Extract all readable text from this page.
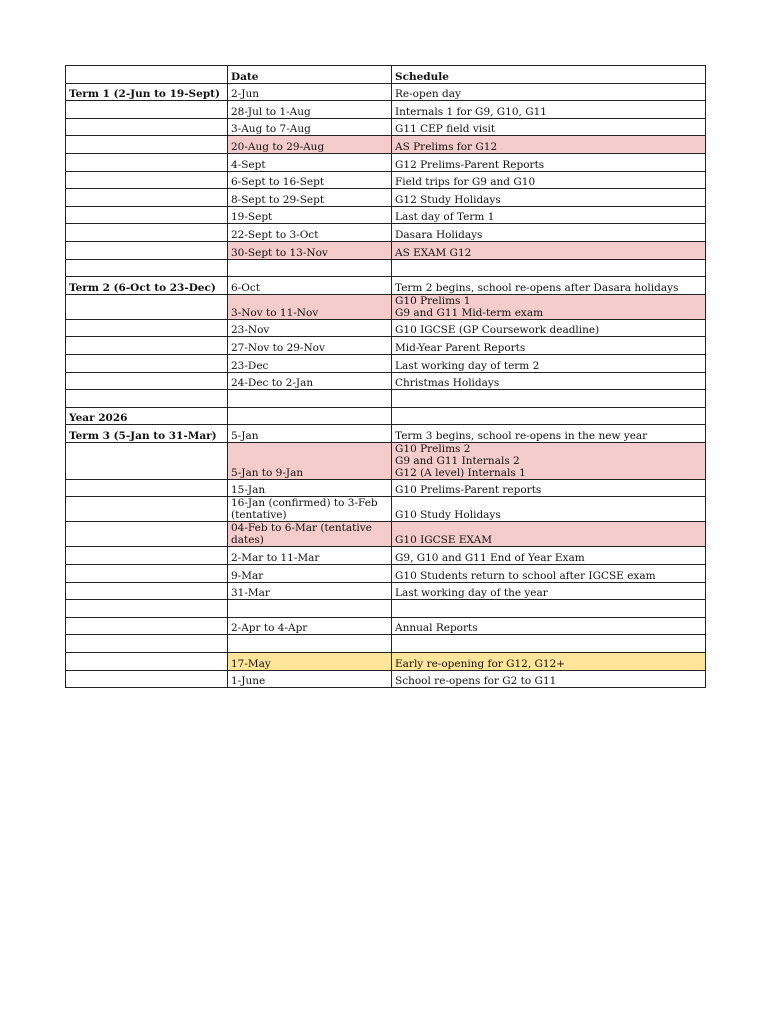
	Date	Schedule
Term 1 (2-Jun to 19-Sept)	2-Jun	Re-open day
	28-Jul to 1-Aug	Internals 1 for G9, G10, G11
	3-Aug to 7-Aug	G11 CEP field visit
	20-Aug to 29-Aug	AS Prelims for G12
	4-Sept	G12 Prelims-Parent Reports
	6-Sept to 16-Sept	Field trips for G9 and G10
	8-Sept to 29-Sept	G12 Study Holidays
	19-Sept	Last day of Term 1
	22-Sept to 3-Oct	Dasara Holidays
	30-Sept to 13-Nov	AS EXAM G12

Term 2 (6-Oct to 23-Dec)	6-Oct	Term 2 begins, school re-opens after Dasara holidays
	3-Nov to 11-Nov	G10 Prelims 1
G9 and G11 Mid-term exam
	23-Nov	G10 IGCSE (GP Coursework deadline)
	27-Nov to 29-Nov	Mid-Year Parent Reports
	23-Dec	Last working day of term 2
	24-Dec to 2-Jan	Christmas Holidays

Year 2026		
Term 3 (5-Jan to 31-Mar)	5-Jan	Term 3 begins, school re-opens in the new year
	5-Jan to 9-Jan	G10 Prelims 2
G9 and G11 Internals 2
G12 (A level) Internals 1
	15-Jan	G10 Prelims-Parent reports
	16-Jan (confirmed) to 3-Feb
(tentative)	G10 Study Holidays
	04-Feb to 6-Mar (tentative
dates)	G10 IGCSE EXAM
	2-Mar to 11-Mar	G9, G10 and G11 End of Year Exam
	9-Mar	G10 Students return to school after IGCSE exam
	31-Mar	Last working day of the year

	2-Apr to 4-Apr	Annual Reports

	17-May	Early re-opening for G12, G12+
	1-June	School re-opens for G2 to G11
